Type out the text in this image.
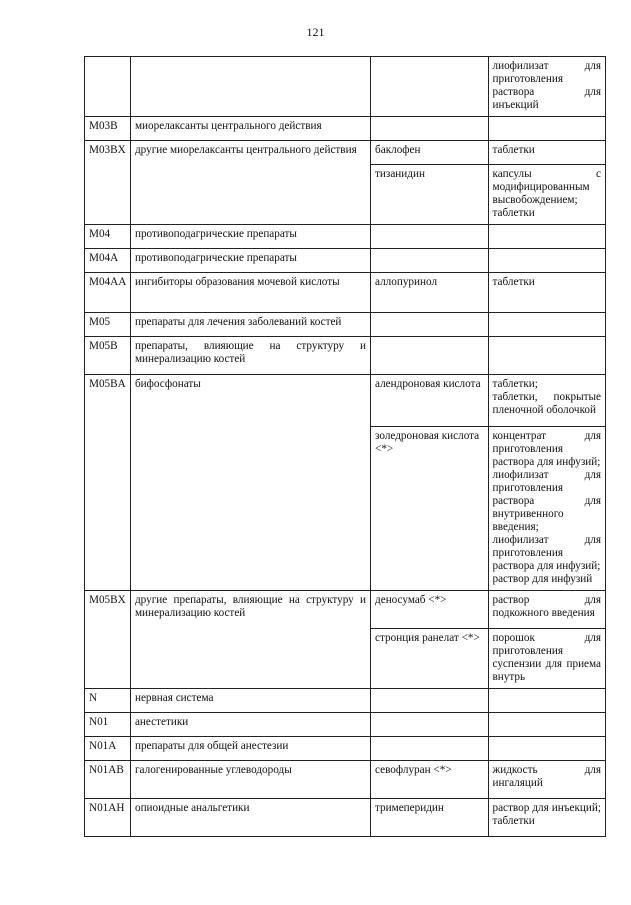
121
			лиофилизат для приготовления раствора для инъекций
M03B	миорелаксанты центрального действия		
M03BX	другие миорелаксанты центрального действия	баклофен	таблетки
		тизанидин	капсулы с модифицированным высвобождением; таблетки
M04	противоподагрические препараты		
M04A	противоподагрические препараты		
M04AA	ингибиторы образования мочевой кислоты	аллопуринол	таблетки
M05	препараты для лечения заболеваний костей		
M05B	препараты, влияющие на структуру и минерализацию костей		
M05BA	бифосфонаты	алендроновая кислота	таблетки;
таблетки, покрытые пленочной оболочкой

		золедроновая кислота <*>	концентрат для приготовления раствора для инфузий;
лиофилизат для приготовления раствора для внутривенного введения;
лиофилизат для приготовления раствора для инфузий;
раствор для инфузий

M05BX	другие препараты, влияющие на структуру и минерализацию костей	деносумаб <*>	раствор для подкожного введения
		стронция ранелат <*>	порошок для приготовления суспензии для приема внутрь
N	нервная система		
N01	анестетики		
N01A	препараты для общей анестезии		
N01AB	галогенированные углеводороды	севофлуран <*>	жидкость для ингаляций
N01AH	опиоидные анальгетики	тримеперидин	раствор для инъекций; таблетки
